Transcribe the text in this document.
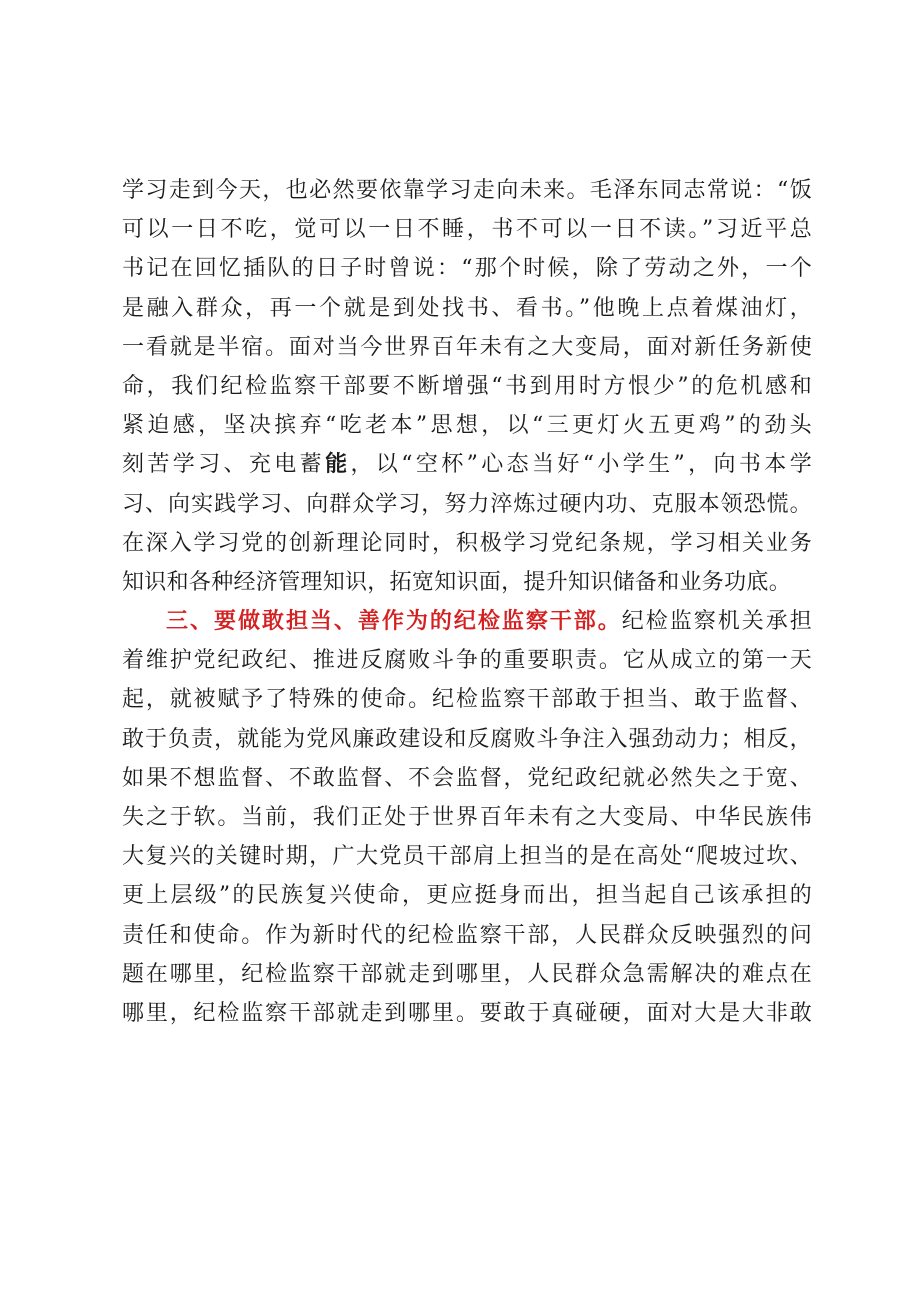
学习走到今天，也必然要依靠学习走向未来。毛泽东同志常说：“饭
可以一日不吃，觉可以一日不睡，书不可以一日不读。”习近平总
书记在回忆插队的日子时曾说：“那个时候，除了劳动之外，一个
是融入群众，再一个就是到处找书、看书。”他晚上点着煤油灯，
一看就是半宿。面对当今世界百年未有之大变局，面对新任务新使
命，我们纪检监察干部要不断增强“书到用时方恨少”的危机感和
紧迫感，坚决摈弃“吃老本”思想，以“三更灯火五更鸡”的劲头
刻苦学习、充电蓄能，以“空杯”心态当好“小学生”，向书本学
习、向实践学习、向群众学习，努力淬炼过硬内功、克服本领恐慌。
在深入学习党的创新理论同时，积极学习党纪条规，学习相关业务
知识和各种经济管理知识，拓宽知识面，提升知识储备和业务功底。
三、要做敢担当、善作为的纪检监察干部。纪检监察机关承担
着维护党纪政纪、推进反腐败斗争的重要职责。它从成立的第一天
起，就被赋予了特殊的使命。纪检监察干部敢于担当、敢于监督、
敢于负责，就能为党风廉政建设和反腐败斗争注入强劲动力；相反，
如果不想监督、不敢监督、不会监督，党纪政纪就必然失之于宽、
失之于软。当前，我们正处于世界百年未有之大变局、中华民族伟
大复兴的关键时期，广大党员干部肩上担当的是在高处“爬坡过坎、
更上层级”的民族复兴使命，更应挺身而出，担当起自己该承担的
责任和使命。作为新时代的纪检监察干部，人民群众反映强烈的问
题在哪里，纪检监察干部就走到哪里，人民群众急需解决的难点在
哪里，纪检监察干部就走到哪里。要敢于真碰硬，面对大是大非敢
